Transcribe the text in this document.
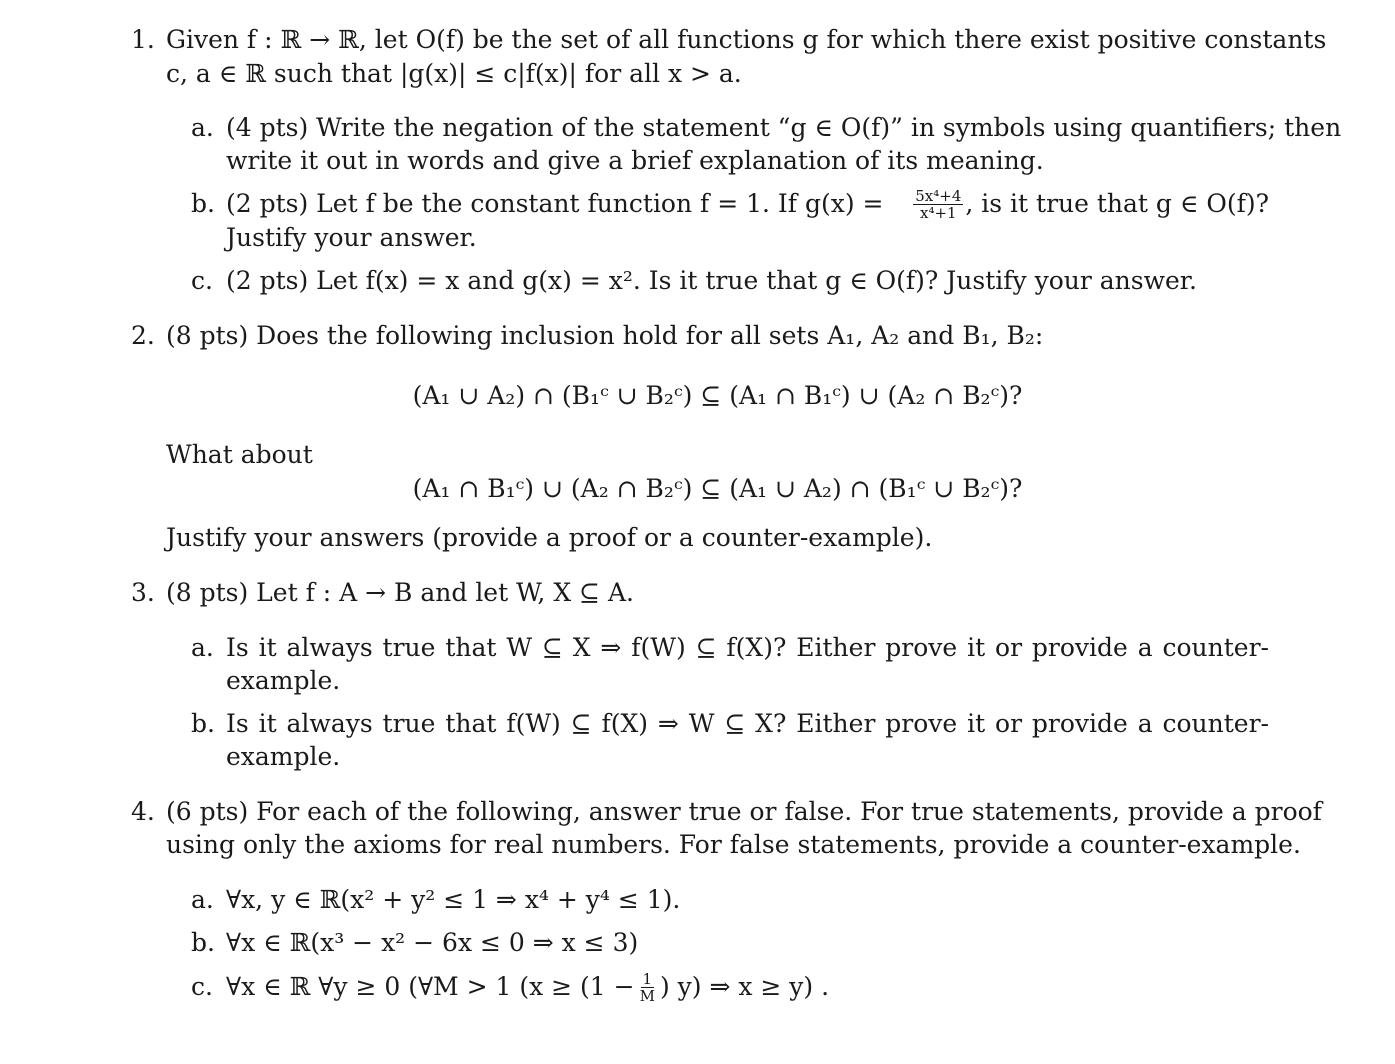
1. Given f : ℝ → ℝ, let O(f) be the set of all functions g for which there exist positive constants
c, a ∈ ℝ such that |g(x)| ≤ c|f(x)| for all x > a.
a. (4 pts) Write the negation of the statement “g ∈ O(f)” in symbols using quantifiers; then
write it out in words and give a brief explanation of its meaning.
b. (2 pts) Let f be the constant function f = 1. If $g(x) = \frac{\text{5x⁴+4}}{\text{x⁴+1}}$ , is it true that g ∈ O(f)?
Justify your answer.
c. (2 pts) Let f(x) = x and g(x) = x². Is it true that g ∈ O(f)? Justify your answer.
2. (8 pts) Does the following inclusion hold for all sets A₁, A₂ and B₁, B₂:
(A₁ ∪ A₂) ∩ (B₁ᶜ ∪ B₂ᶜ) ⊆ (A₁ ∩ B₁ᶜ) ∪ (A₂ ∩ B₂ᶜ)?
What about
(A₁ ∩ B₁ᶜ) ∪ (A₂ ∩ B₂ᶜ) ⊆ (A₁ ∪ A₂) ∩ (B₁ᶜ ∪ B₂ᶜ)?
Justify your answers (provide a proof or a counter-example).
3. (8 pts) Let f : A → B and let W, X ⊆ A.
a. Is it always true that W ⊆ X ⇒ f(W) ⊆ f(X)? Either prove it or provide a counter-
example.
b. Is it always true that f(W) ⊆ f(X) ⇒ W ⊆ X? Either prove it or provide a counter-
example.
4. (6 pts) For each of the following, answer true or false. For true statements, provide a proof
using only the axioms for real numbers. For false statements, provide a counter-example.
a. ∀x, y ∈ ℝ(x² + y² ≤ 1 ⇒ x⁴ + y⁴ ≤ 1).
b. ∀x ∈ ℝ(x³ − x² − 6x ≤ 0 ⇒ x ≤ 3)
c. ∀x ∈ ℝ ∀y ≥ 0 (∀M > 1 ($x \ge (1 - \frac{1}{M}$ ) y) ⇒ x ≥ y) .
